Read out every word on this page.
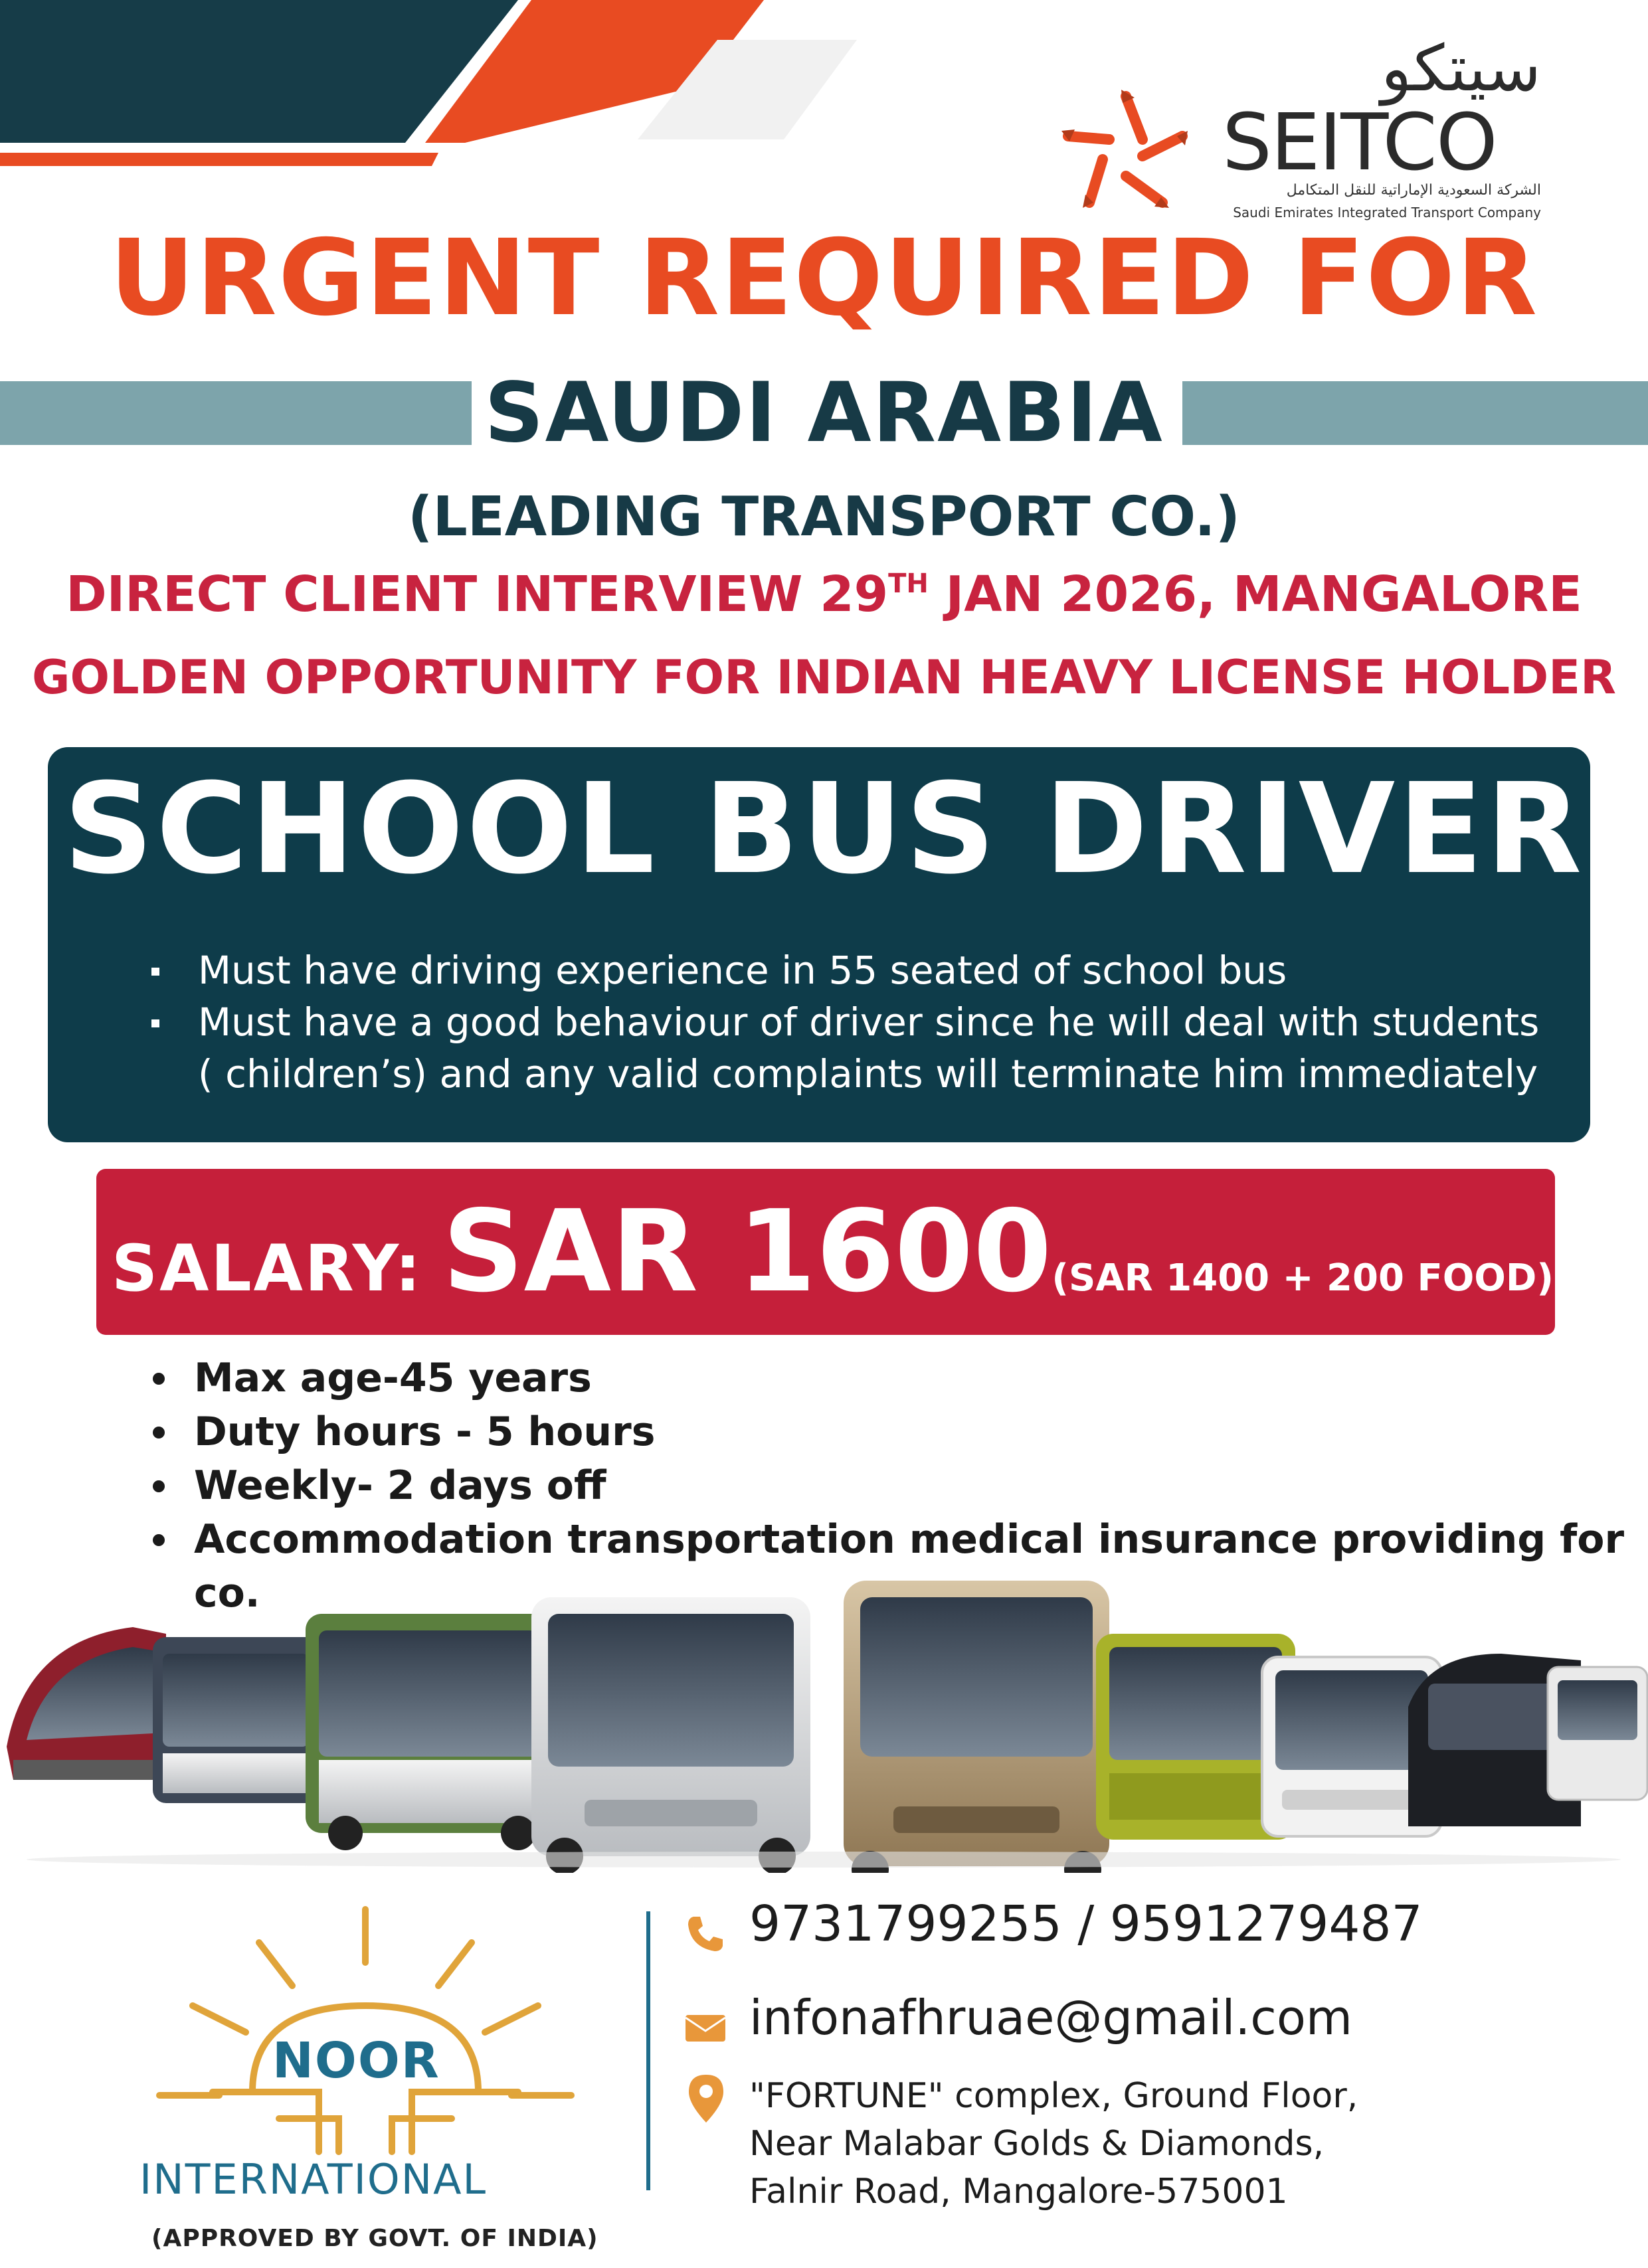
سيتكو
SEITCO
الشركة السعودية الإماراتية للنقل المتكامل
Saudi Emirates Integrated Transport Company
URGENT REQUIRED FOR
SAUDI ARABIA
(LEADING TRANSPORT CO.)
DIRECT CLIENT INTERVIEW 29TH JAN 2026, MANGALORE
GOLDEN OPPORTUNITY FOR INDIAN HEAVY LICENSE HOLDER
SCHOOL BUS DRIVER
Must have driving experience in 55 seated of school bus
Must have a good behaviour of driver since he will deal with students
( children’s) and any valid complaints will terminate him immediately
SALARY: SAR 1600(SAR 1400 + 200 FOOD)
Max age-45 years
Duty hours - 5 hours
Weekly- 2 days off
Accommodation transportation medical insurance providing for co.
NOOR
INTERNATIONAL
(APPROVED BY GOVT. OF INDIA)
9731799255 / 9591279487
infonafhruae@gmail.com
"FORTUNE" complex, Ground Floor,
Near Malabar Golds & Diamonds,
Falnir Road, Mangalore-575001
